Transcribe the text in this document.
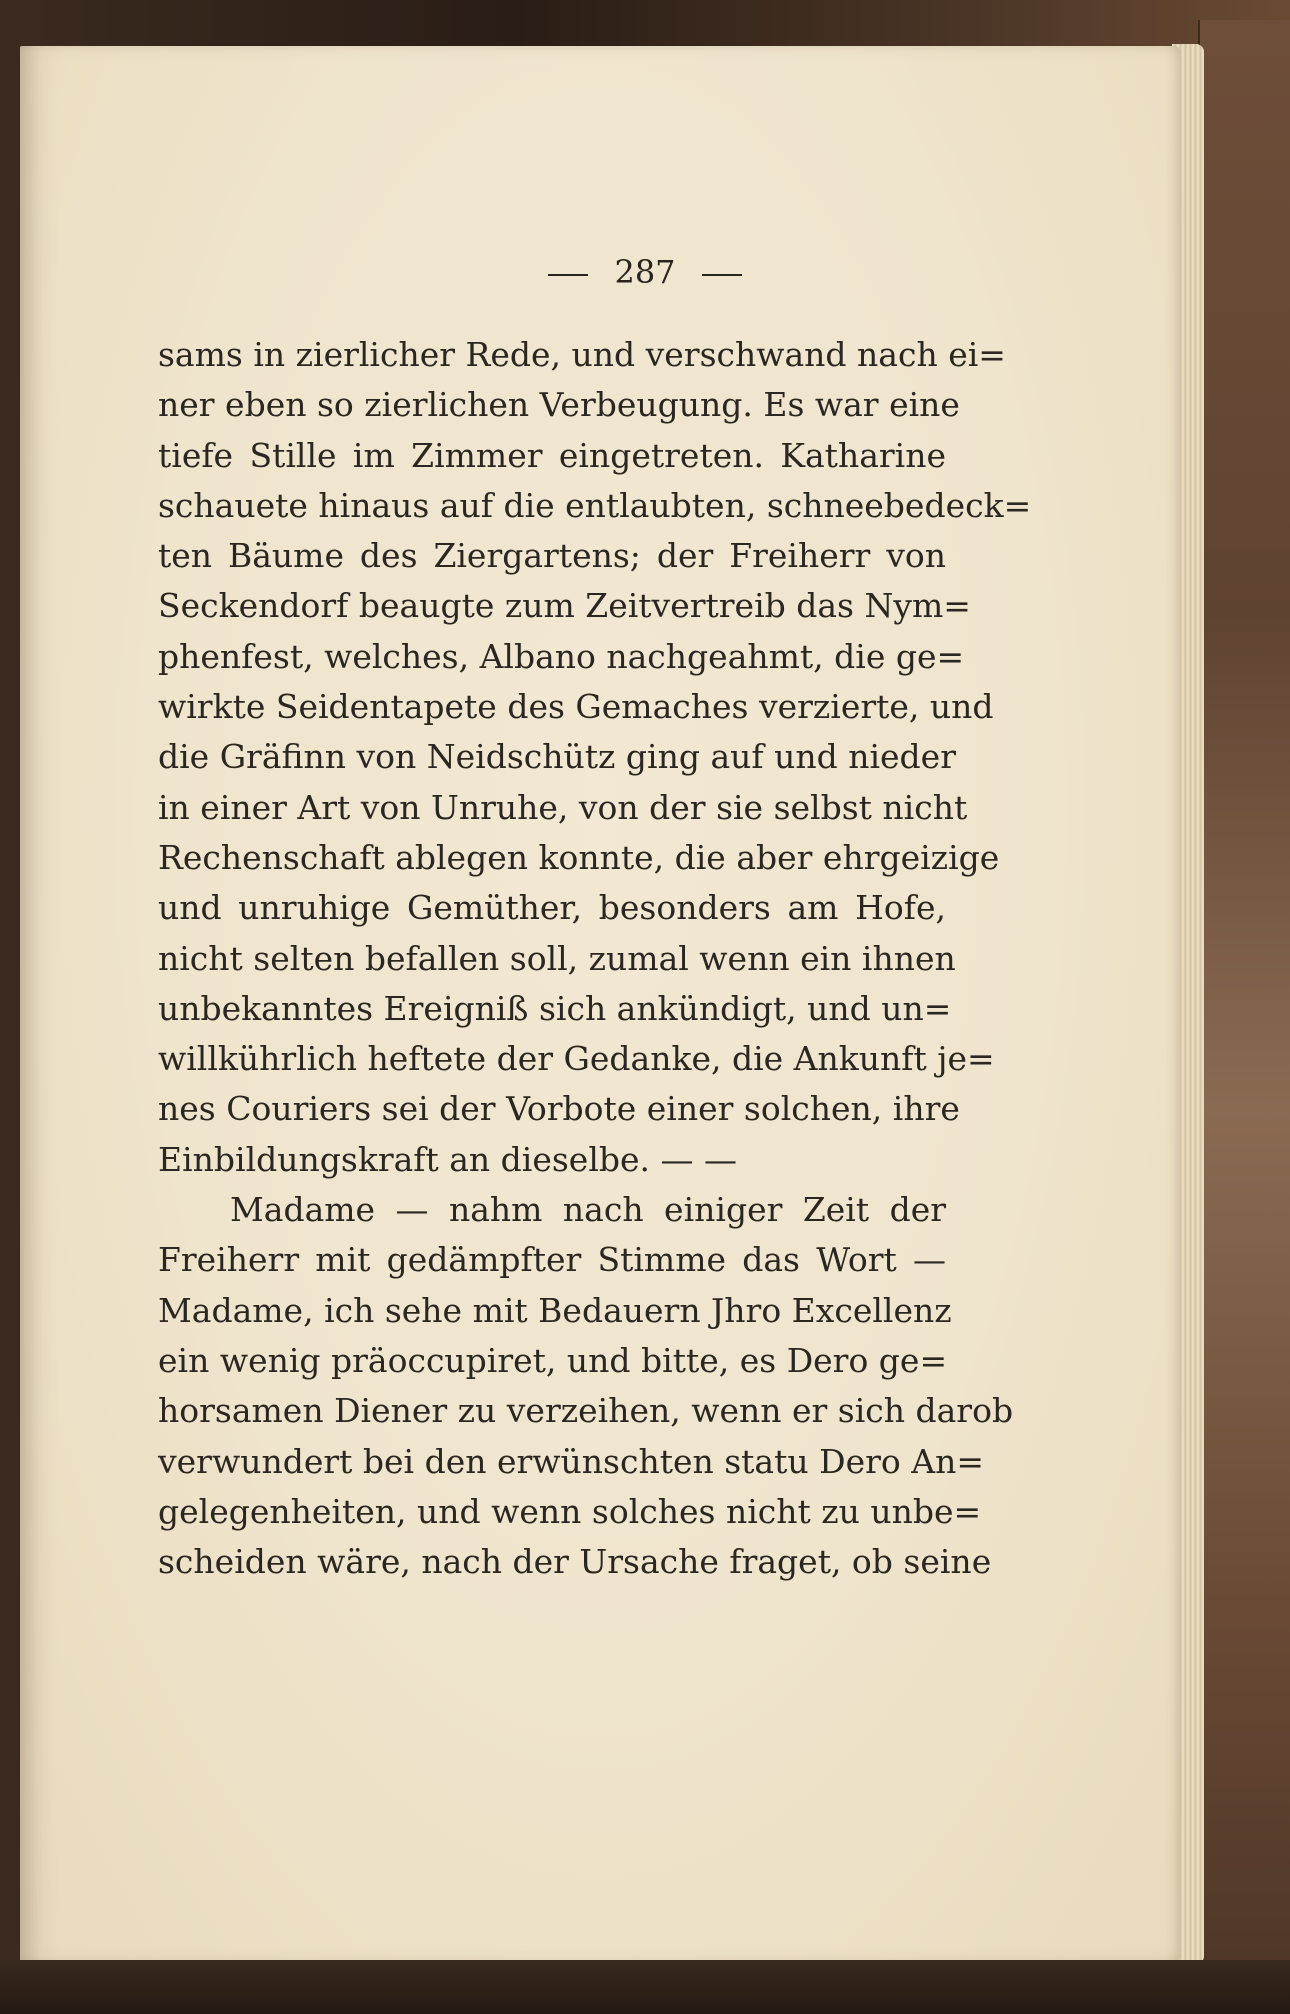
287
sams in zierlicher Rede, und verschwand nach ei=
ner eben so zierlichen Verbeugung. Es war eine
tiefe Stille im Zimmer eingetreten. Katharine
schauete hinaus auf die entlaubten, schneebedeck=
ten Bäume des Ziergartens; der Freiherr von
Seckendorf beaugte zum Zeitvertreib das Nym=
phenfest, welches, Albano nachgeahmt, die ge=
wirkte Seidentapete des Gemaches verzierte, und
die Gräfinn von Neidschütz ging auf und nieder
in einer Art von Unruhe, von der sie selbst nicht
Rechenschaft ablegen konnte, die aber ehrgeizige
und unruhige Gemüther, besonders am Hofe,
nicht selten befallen soll, zumal wenn ein ihnen
unbekanntes Ereigniß sich ankündigt, und un=
willkührlich heftete der Gedanke, die Ankunft je=
nes Couriers sei der Vorbote einer solchen, ihre
Einbildungskraft an dieselbe. — —
Madame — nahm nach einiger Zeit der
Freiherr mit gedämpfter Stimme das Wort —
Madame, ich sehe mit Bedauern Jhro Excellenz
ein wenig präoccupiret, und bitte, es Dero ge=
horsamen Diener zu verzeihen, wenn er sich darob
verwundert bei den erwünschten statu Dero An=
gelegenheiten, und wenn solches nicht zu unbe=
scheiden wäre, nach der Ursache fraget, ob seine
